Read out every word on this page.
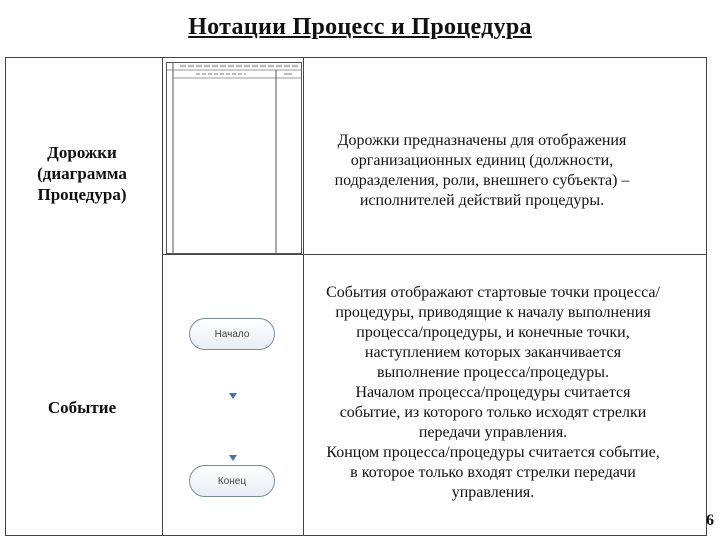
Нотации Процесс и Процедура
Дорожки
(диаграмма
Процедура)
Дорожки предназначены для отображения
организационных единиц (должности,
подразделения, роли, внешнего субъекта) –
исполнителей действий процедуры.
Событие
Начало
Конец
События отображают стартовые точки процесса/
процедуры, приводящие к началу выполнения
процесса/процедуры, и конечные точки,
наступлением которых заканчивается
выполнение процесса/процедуры.
Началом процесса/процедуры считается
событие, из которого только исходят стрелки
передачи управления.
Концом процесса/процедуры считается событие,
в которое только входят стрелки передачи
управления.
6
